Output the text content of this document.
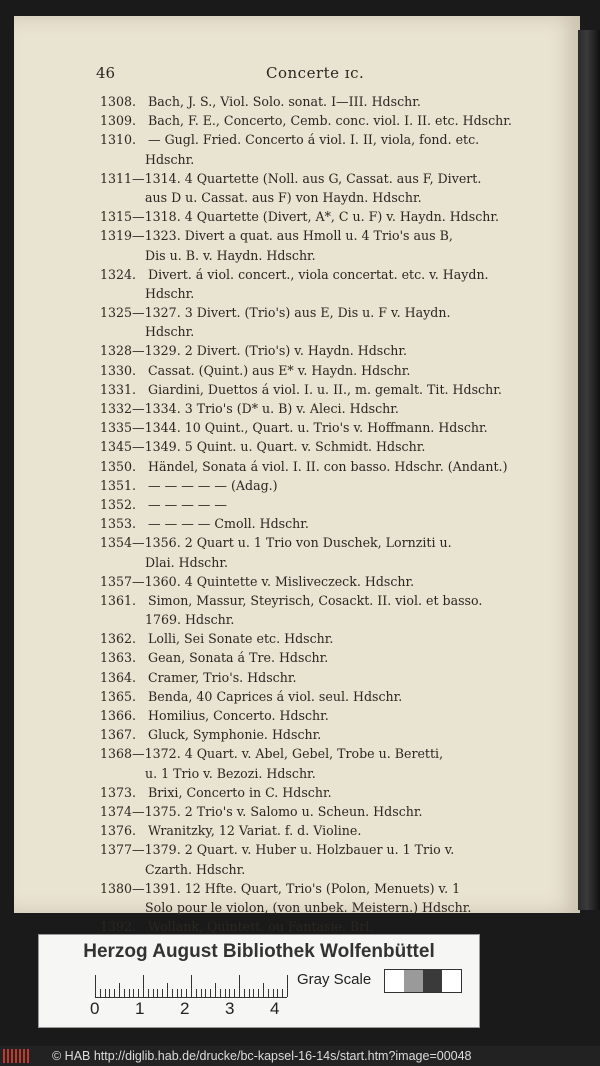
46	Concerte ɪc.
1308. Bach, J. S., Viol. Solo. sonat. I—III. Hdschr.
1309. Bach, F. E., Concerto, Cemb. conc. viol. I. II. etc. Hdschr.
1310. — Gugl. Fried. Concerto á viol. I. II, viola, fond. etc.
Hdschr.
1311—1314. 4 Quartette (Noll. aus G, Cassat. aus F, Divert.
aus D u. Cassat. aus F) von Haydn. Hdschr.
1315—1318. 4 Quartette (Divert, A*, C u. F) v. Haydn. Hdschr.
1319—1323. Divert a quat. aus Hmoll u. 4 Trio's aus B,
Dis u. B. v. Haydn. Hdschr.
1324. Divert. á viol. concert., viola concertat. etc. v. Haydn.
Hdschr.
1325—1327. 3 Divert. (Trio's) aus E, Dis u. F v. Haydn.
Hdschr.
1328—1329. 2 Divert. (Trio's) v. Haydn. Hdschr.
1330. Cassat. (Quint.) aus E* v. Haydn. Hdschr.
1331. Giardini, Duettos á viol. I. u. II., m. gemalt. Tit. Hdschr.
1332—1334. 3 Trio's (D* u. B) v. Aleci. Hdschr.
1335—1344. 10 Quint., Quart. u. Trio's v. Hoffmann. Hdschr.
1345—1349. 5 Quint. u. Quart. v. Schmidt. Hdschr.
1350. Händel, Sonata á viol. I. II. con basso. Hdschr. (Andant.)
1351. — — — — — (Adag.)
1352. — — — — —
1353. — — — — Cmoll. Hdschr.
1354—1356. 2 Quart u. 1 Trio von Duschek, Lornziti u.
Dlai. Hdschr.
1357—1360. 4 Quintette v. Misliveczeck. Hdschr.
1361. Simon, Massur, Steyrisch, Cosackt. II. viol. et basso.
1769. Hdschr.
1362. Lolli, Sei Sonate etc. Hdschr.
1363. Gean, Sonata á Tre. Hdschr.
1364. Cramer, Trio's. Hdschr.
1365. Benda, 40 Caprices á viol. seul. Hdschr.
1366. Homilius, Concerto. Hdschr.
1367. Gluck, Symphonie. Hdschr.
1368—1372. 4 Quart. v. Abel, Gebel, Trobe u. Beretti,
u. 1 Trio v. Bezozi. Hdschr.
1373. Brixi, Concerto in C. Hdschr.
1374—1375. 2 Trio's v. Salomo u. Scheun. Hdschr.
1376. Wranitzky, 12 Variat. f. d. Violine.
1377—1379. 2 Quart. v. Huber u. Holzbauer u. 1 Trio v.
Czarth. Hdschr.
1380—1391. 12 Hfte. Quart, Trio's (Polon, Menuets) v. 1
Solo pour le violon, (von unbek. Meistern.) Hdschr.
1392. Wollank, Quintett. ou Fantasie. Brl.
Herzog August Bibliothek Wolfenbüttel
0 1 2 3 4
Gray Scale
© HAB http://diglib.hab.de/drucke/bc-kapsel-16-14s/start.htm?image=00048
